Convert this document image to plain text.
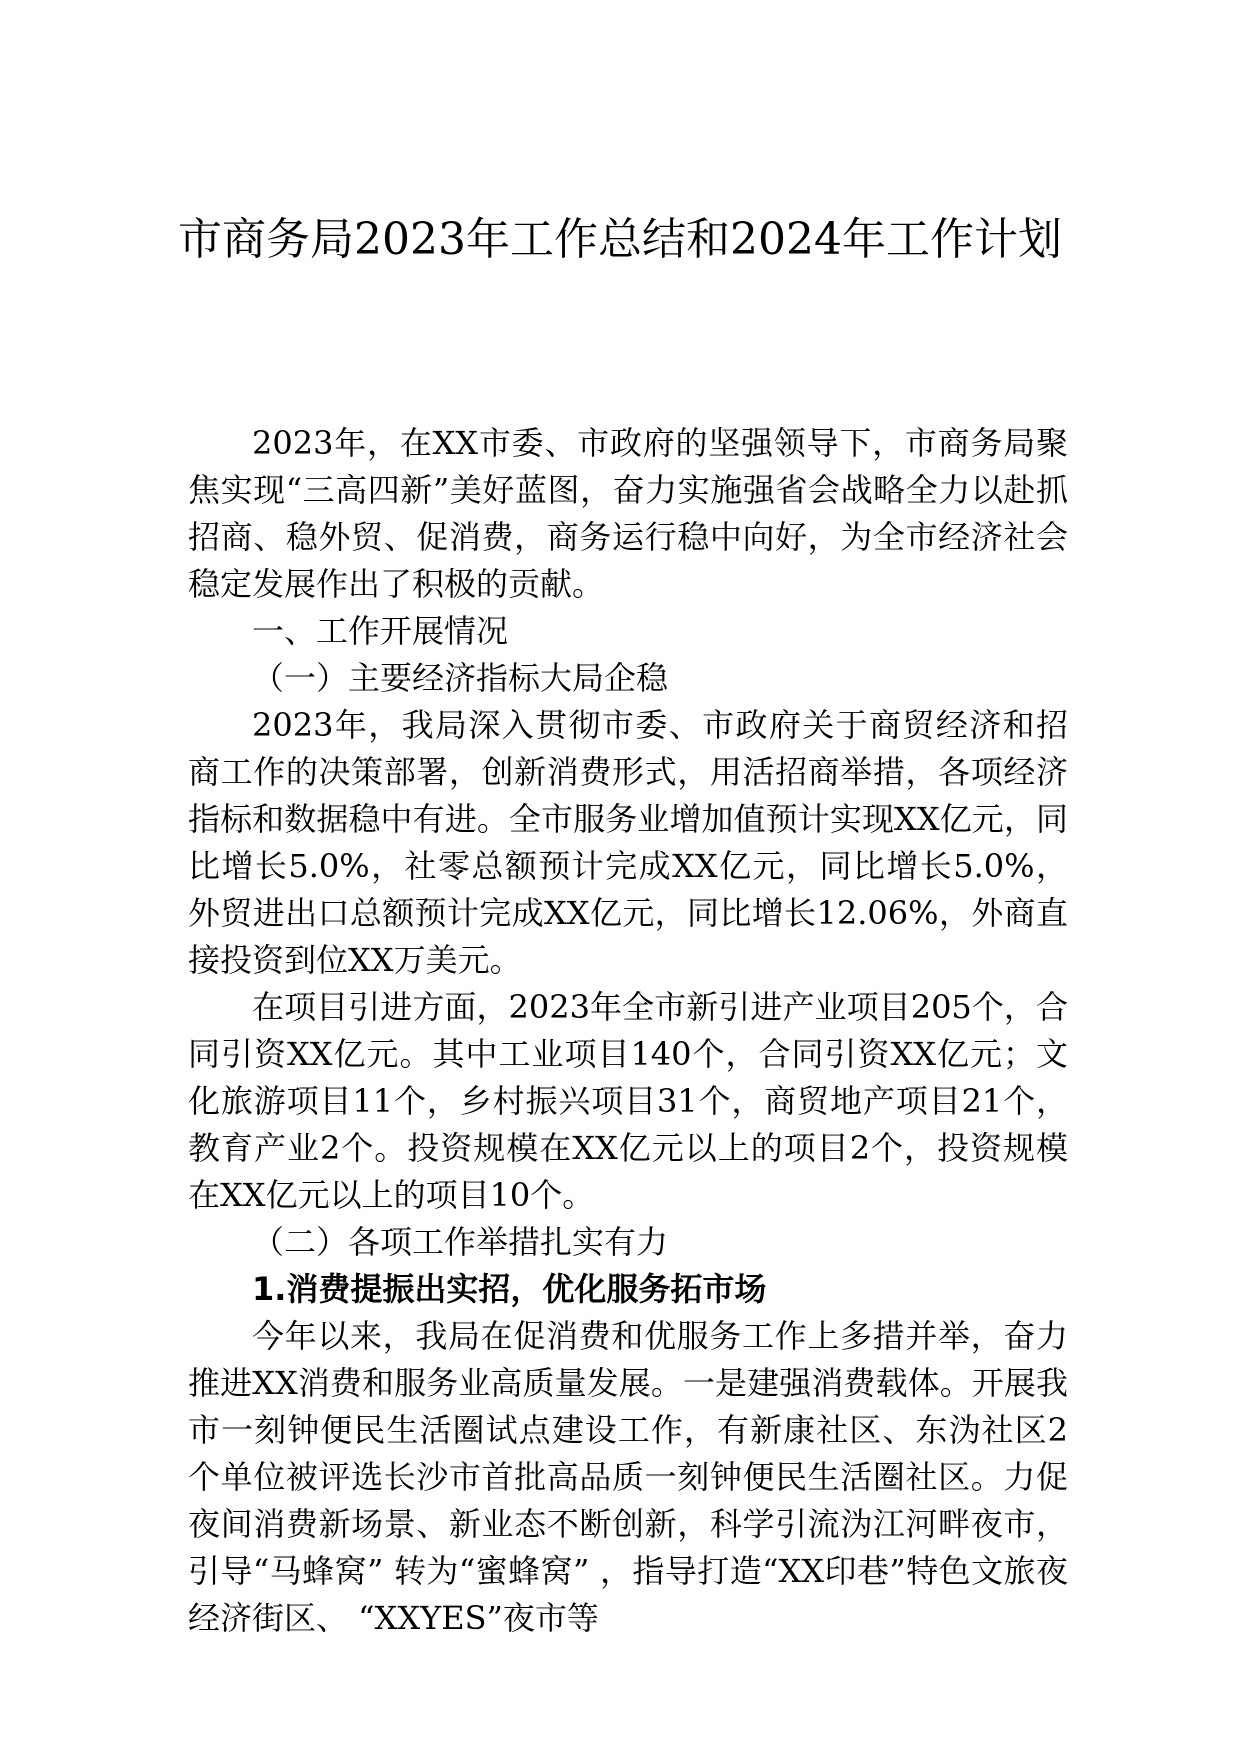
市商务局2023年工作总结和2024年工作计划

2023年，在XX市委、市政府的坚强领导下，市商务局聚焦实现“三高四新”美好蓝图，奋力实施强省会战略全力以赴抓招商、稳外贸、促消费，商务运行稳中向好，为全市经济社会稳定发展作出了积极的贡献。

一、工作开展情况

（一）主要经济指标大局企稳

2023年，我局深入贯彻市委、市政府关于商贸经济和招商工作的决策部署，创新消费形式，用活招商举措，各项经济指标和数据稳中有进。全市服务业增加值预计实现XX亿元，同比增长5.0%，社零总额预计完成XX亿元，同比增长5.0%，外贸进出口总额预计完成XX亿元，同比增长12.06%，外商直接投资到位XX万美元。

在项目引进方面，2023年全市新引进产业项目205个，合同引资XX亿元。其中工业项目140个，合同引资XX亿元；文化旅游项目11个，乡村振兴项目31个，商贸地产项目21个，教育产业2个。投资规模在XX亿元以上的项目2个，投资规模在XX亿元以上的项目10个。

（二）各项工作举措扎实有力

1.消费提振出实招，优化服务拓市场

今年以来，我局在促消费和优服务工作上多措并举，奋力推进XX消费和服务业高质量发展。一是建强消费载体。开展我市一刻钟便民生活圈试点建设工作，有新康社区、东沩社区2个单位被评选长沙市首批高品质一刻钟便民生活圈社区。力促夜间消费新场景、新业态不断创新，科学引流沩江河畔夜市，引导“马蜂窝” 转为“蜜蜂窝” ，指导打造“XX印巷”特色文旅夜经济街区、 “XXYES”夜市等
